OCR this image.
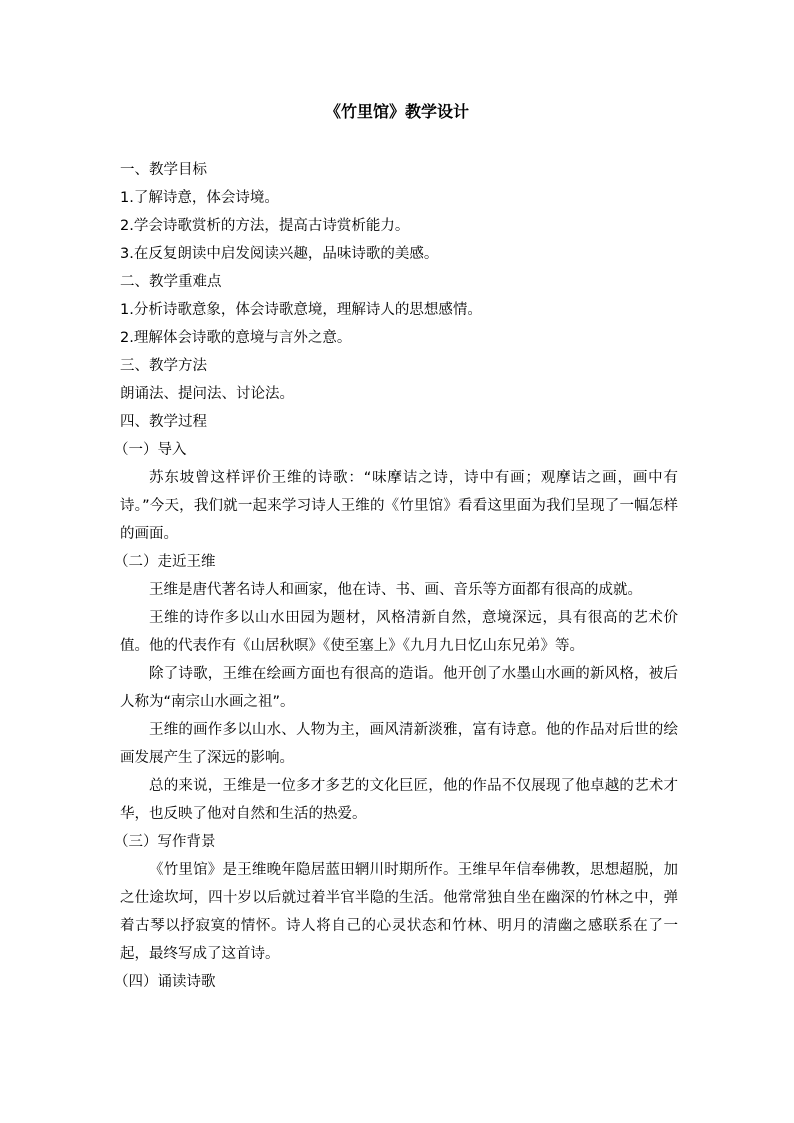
《竹里馆》教学设计
一、教学目标
1.了解诗意，体会诗境。
2.学会诗歌赏析的方法，提高古诗赏析能力。
3.在反复朗读中启发阅读兴趣，品味诗歌的美感。
二、教学重难点
1.分析诗歌意象，体会诗歌意境，理解诗人的思想感情。
2.理解体会诗歌的意境与言外之意。
三、教学方法
朗诵法、提问法、讨论法。
四、教学过程
（一）导入

苏东坡曾这样评价王维的诗歌：“味摩诘之诗，诗中有画；观摩诘之画，画中有诗。”今天，我们就一起来学习诗人王维的《竹里馆》看看这里面为我们呈现了一幅怎样的画面。

（二）走近王维

王维是唐代著名诗人和画家，他在诗、书、画、音乐等方面都有很高的成就。

王维的诗作多以山水田园为题材，风格清新自然，意境深远，具有很高的艺术价值。他的代表作有《山居秋暝》《使至塞上》《九月九日忆山东兄弟》等。

除了诗歌，王维在绘画方面也有很高的造诣。他开创了水墨山水画的新风格，被后人称为“南宗山水画之祖”。

王维的画作多以山水、人物为主，画风清新淡雅，富有诗意。他的作品对后世的绘画发展产生了深远的影响。

总的来说，王维是一位多才多艺的文化巨匠，他的作品不仅展现了他卓越的艺术才华，也反映了他对自然和生活的热爱。

（三）写作背景

《竹里馆》是王维晚年隐居蓝田辋川时期所作。王维早年信奉佛教，思想超脱，加之仕途坎坷，四十岁以后就过着半官半隐的生活。他常常独自坐在幽深的竹林之中，弹着古琴以抒寂寞的情怀。诗人将自己的心灵状态和竹林、明月的清幽之感联系在了一起，最终写成了这首诗。

（四）诵读诗歌
